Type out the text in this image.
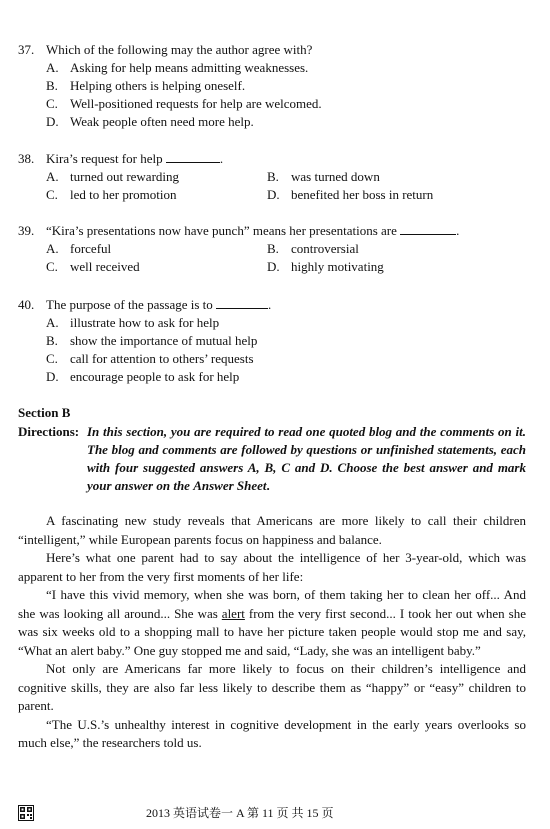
37. Which of the following may the author agree with?
A. Asking for help means admitting weaknesses.
B. Helping others is helping oneself.
C. Well-positioned requests for help are welcomed.
D. Weak people often need more help.
38. Kira’s request for help	.
A. turned out rewarding	B. was turned down
C. led to her promotion	D. benefited her boss in return
39. “Kira’s presentations now have punch” means her presentations are	.
A. forceful	B. controversial
C. well received	D. highly motivating
40. The purpose of the passage is to	.
A. illustrate how to ask for help
B. show the importance of mutual help
C. call for attention to others’ requests
D. encourage people to ask for help
Section B
Directions: In this section, you are required to read one quoted blog and the comments on it. The blog and comments are followed by questions or unfinished statements, each with four suggested answers A, B, C and D. Choose the best answer and mark your answer on the Answer Sheet.

A fascinating new study reveals that Americans are more likely to call their children “intelligent,” while European parents focus on happiness and balance.

Here’s what one parent had to say about the intelligence of her 3-year-old, which was apparent to her from the very first moments of her life:

“I have this vivid memory, when she was born, of them taking her to clean her off... And she was looking all around... She was alert from the very first second... I took her out when she was six weeks old to a shopping mall to have her picture taken people would stop me and say, “What an alert baby.” One guy stopped me and said, “Lady, she was an intelligent baby.”

Not only are Americans far more likely to focus on their children’s intelligence and cognitive skills, they are also far less likely to describe them as “happy” or “easy” children to parent.

“The U.S.’s unhealthy interest in cognitive development in the early years overlooks so much else,” the researchers told us.

2013 英语试卷一 A 第 11 页 共 15 页
